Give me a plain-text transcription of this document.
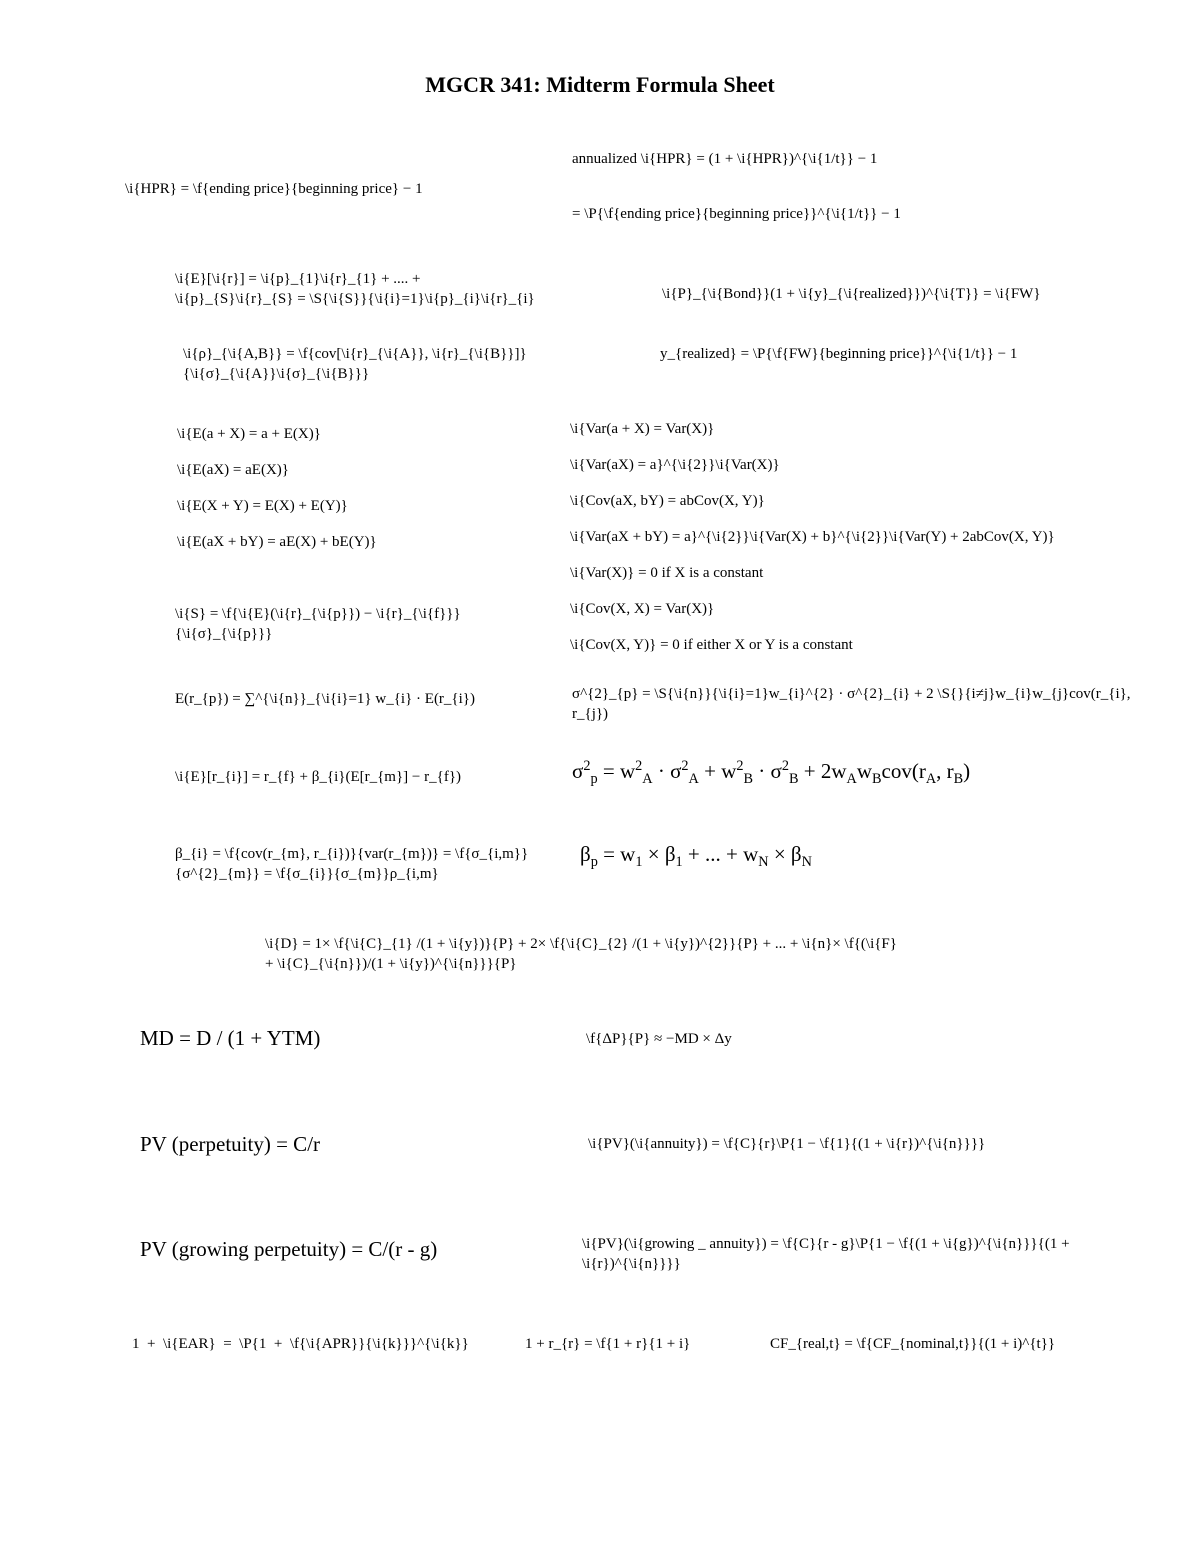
MGCR 341: Midterm Formula Sheet
\i{HPR} = \f{ending price}{beginning price} − 1
annualized \i{HPR} = (1 + \i{HPR})^{\i{1/t}} − 1
= \P{\f{ending price}{beginning price}}^{\i{1/t}} − 1
\i{E}[\i{r}] = \i{p}_{1}\i{r}_{1} + .... + \i{p}_{S}\i{r}_{S} = \S{\i{S}}{\i{i}=1}\i{p}_{i}\i{r}_{i}	\i{P}_{\i{Bond}}(1 + \i{y}_{\i{realized}})^{\i{T}} = \i{FW}
\i{ρ}_{\i{A,B}} = \f{cov[\i{r}_{\i{A}}, \i{r}_{\i{B}}]}{\i{σ}_{\i{A}}\i{σ}_{\i{B}}}
y_{realized} = \P{\f{FW}{beginning price}}^{\i{1/t}} − 1
\i{E(a + X) = a + E(X)}
\i{E(aX) = aE(X)}
\i{E(X + Y) = E(X) + E(Y)}
\i{E(aX + bY) = aE(X) + bE(Y)}
\i{Var(a + X) = Var(X)}
\i{Var(aX) = a}^{\i{2}}\i{Var(X)}
\i{Cov(aX, bY) = abCov(X, Y)}
\i{Var(aX + bY) = a}^{\i{2}}\i{Var(X) + b}^{\i{2}}\i{Var(Y) + 2abCov(X, Y)}
\i{Var(X)} = 0 if X is a constant
\i{Cov(X, X) = Var(X)}
\i{Cov(X, Y)} = 0 if either X or Y is a constant
\i{S} = \f{\i{E}(\i{r}_{\i{p}}) − \i{r}_{\i{f}}}{\i{σ}_{\i{p}}}
E(r_{p}) = ∑^{\i{n}}_{\i{i}=1} w_{i} · E(r_{i})	σ^{2}_{p} = \S{\i{n}}{\i{i}=1}w_{i}^{2} · σ^{2}_{i} + 2 \S{}{i≠j}w_{i}w_{j}cov(r_{i}, r_{j})
\i{E}[r_{i}] = r_{f} + β_{i}(E[r_{m}] − r_{f})	$\sigma^2_p = w^2_A \cdot \sigma^2_A + w^2_B \cdot \sigma^2_B + 2w_Aw_Bcov(r_A$, $r_B$)
β_{i} = \f{cov(r_{m}, r_{i})}{var(r_{m})} = \f{σ_{i,m}}{σ^{2}_{m}} = \f{σ_{i}}{σ_{m}}ρ_{i,m}
$\beta_p = w_1 \times \beta_1$ + ... + $w_N \times \beta_N$
\i{D} = 1× \f{\i{C}_{1} /(1 + \i{y})}{P} + 2× \f{\i{C}_{2} /(1 + \i{y})^{2}}{P} + ... + \i{n}× \f{(\i{F} + \i{C}_{\i{n}})/(1 + \i{y})^{\i{n}}}{P}
MD = D / (1 + YTM)	\f{ΔP}{P} ≈ −MD × Δy
PV (perpetuity) = C/r	\i{PV}(\i{annuity}) = \f{C}{r}\P{1 − \f{1}{(1 + \i{r})^{\i{n}}}}
PV (growing perpetuity) = C/(r - g)	\i{PV}(\i{growing _ annuity}) = \f{C}{r - g}\P{1 − \f{(1 + \i{g})^{\i{n}}}{(1 + \i{r})^{\i{n}}}}
1  +  \i{EAR}  =  \P{1  +  \f{\i{APR}}{\i{k}}}^{\i{k}}	1 + r_{r} = \f{1 + r}{1 + i}	CF_{real,t} = \f{CF_{nominal,t}}{(1 + i)^{t}}
